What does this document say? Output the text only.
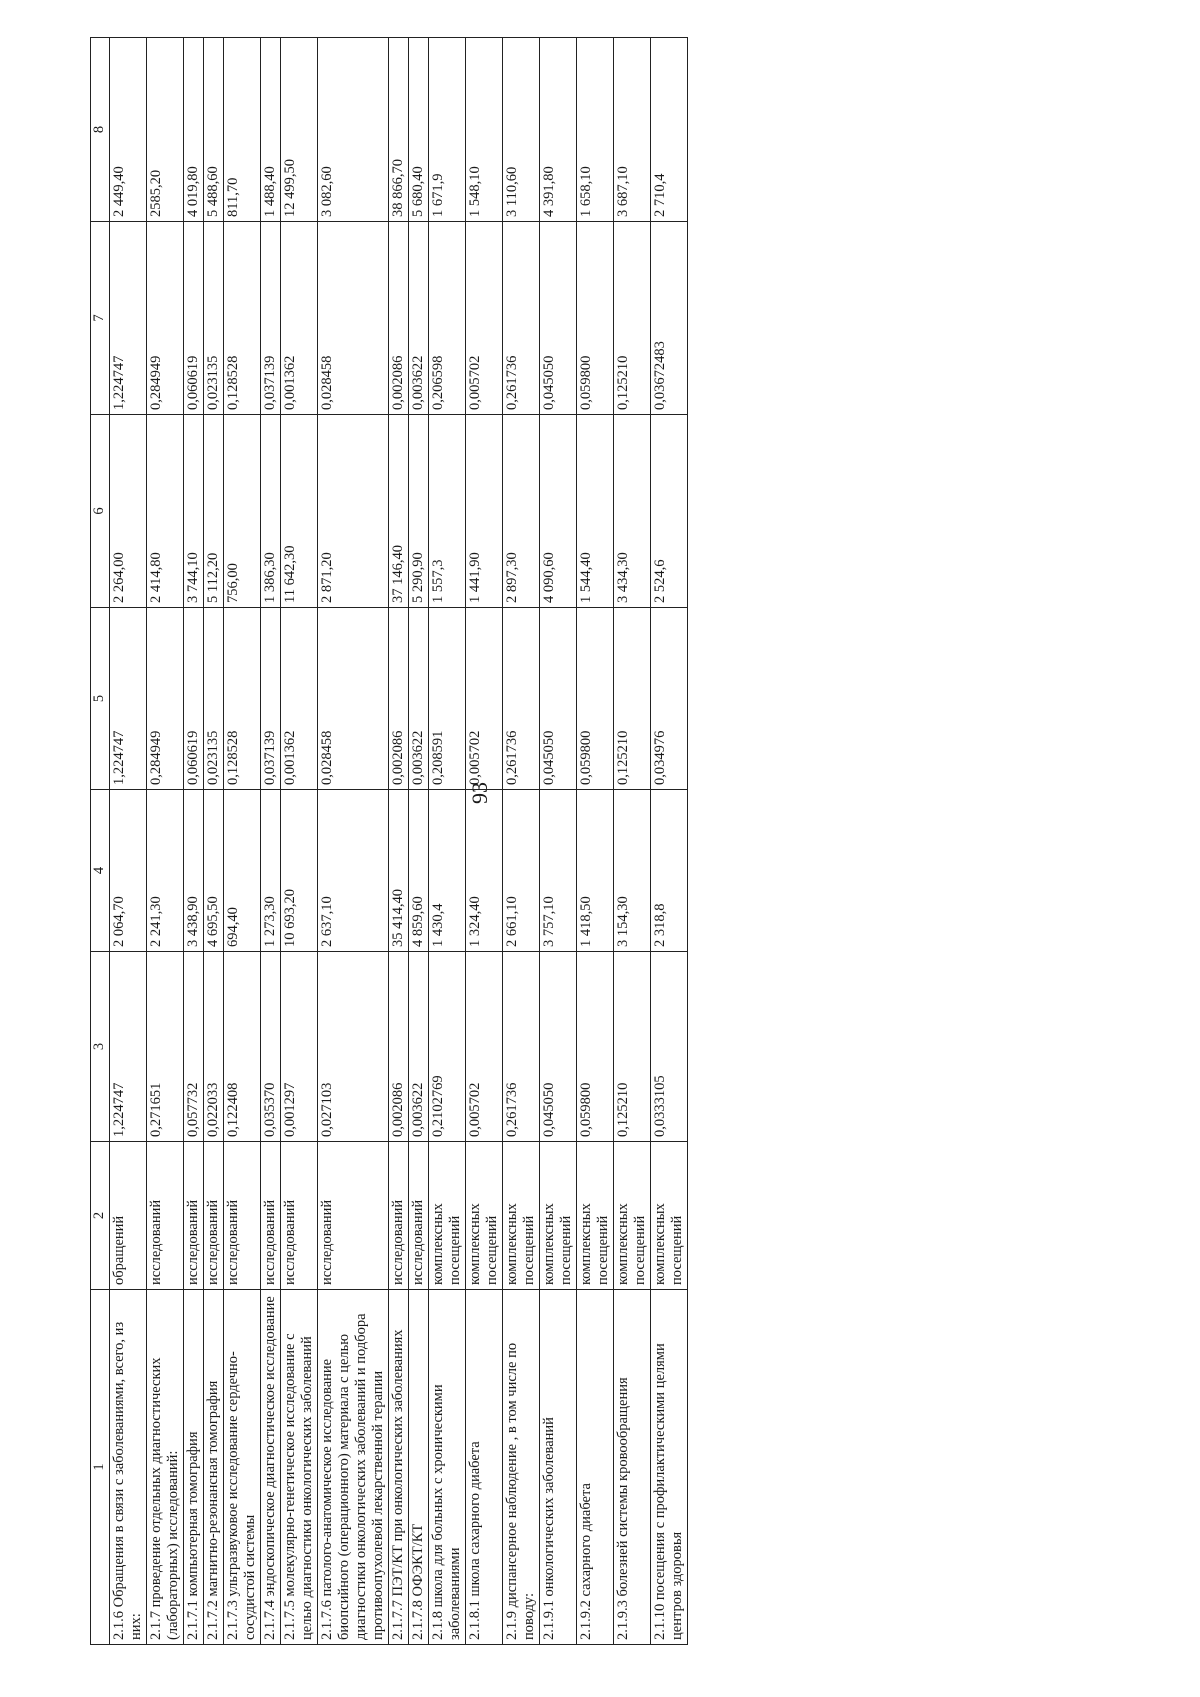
93
1	2	3	4	5	6	7	8
2.1.6 Обращения в связи с заболеваниями, всего, из них:	обращений	1,224747	2 064,70	1,224747	2 264,00	1,224747	2 449,40
2.1.7 проведение отдельных диагностических (лабораторных) исследований:	исследований	0,271651	2 241,30	0,284949	2 414,80	0,284949	2585,20
2.1.7.1 компьютерная томография	исследований	0,057732	3 438,90	0,060619	3 744,10	0,060619	4 019,80
2.1.7.2 магнитно-резонансная томография	исследований	0,022033	4 695,50	0,023135	5 112,20	0,023135	5 488,60
2.1.7.3 ультразвуковое исследование сердечно-сосудистой системы	исследований	0,122408	694,40	0,128528	756,00	0,128528	811,70
2.1.7.4 эндоскопическое диагностическое исследование	исследований	0,035370	1 273,30	0,037139	1 386,30	0,037139	1 488,40
2.1.7.5 молекулярно-генетическое исследование с целью диагностики онкологических заболеваний	исследований	0,001297	10 693,20	0,001362	11 642,30	0,001362	12 499,50
2.1.7.6 патолого-анатомическое исследование биопсийного (операционного) материала с целью диагностики онкологических заболеваний и подбора противоопухолевой лекарственной терапии	исследований	0,027103	2 637,10	0,028458	2 871,20	0,028458	3 082,60
2.1.7.7 ПЭТ/КТ при онкологических заболеваниях	исследований	0,002086	35 414,40	0,002086	37 146,40	0,002086	38 866,70
2.1.7.8 ОФЭКТ/КТ	исследований	0,003622	4 859,60	0,003622	5 290,90	0,003622	5 680,40
2.1.8 школа для больных с хроническими заболеваниями	комплексных посещений	0,2102769	1 430,4	0,208591	1 557,3	0,206598	1 671,9
2.1.8.1 школа сахарного диабета	комплексных посещений	0,005702	1 324,40	0,005702	1 441,90	0,005702	1 548,10
2.1.9 диспансерное наблюдение , в том числе по поводу:	комплексных посещений	0,261736	2 661,10	0,261736	2 897,30	0,261736	3 110,60
2.1.9.1 онкологических заболеваний	комплексных посещений	0,045050	3 757,10	0,045050	4 090,60	0,045050	4 391,80
2.1.9.2 сахарного диабета	комплексных посещений	0,059800	1 418,50	0,059800	1 544,40	0,059800	1 658,10
2.1.9.3 болезней системы кровообращения	комплексных посещений	0,125210	3 154,30	0,125210	3 434,30	0,125210	3 687,10
2.1.10 посещения с профилактическими целями центров здоровья	комплексных посещений	0,0333105	2 318,8	0,034976	2 524,6	0,03672483	2 710,4
